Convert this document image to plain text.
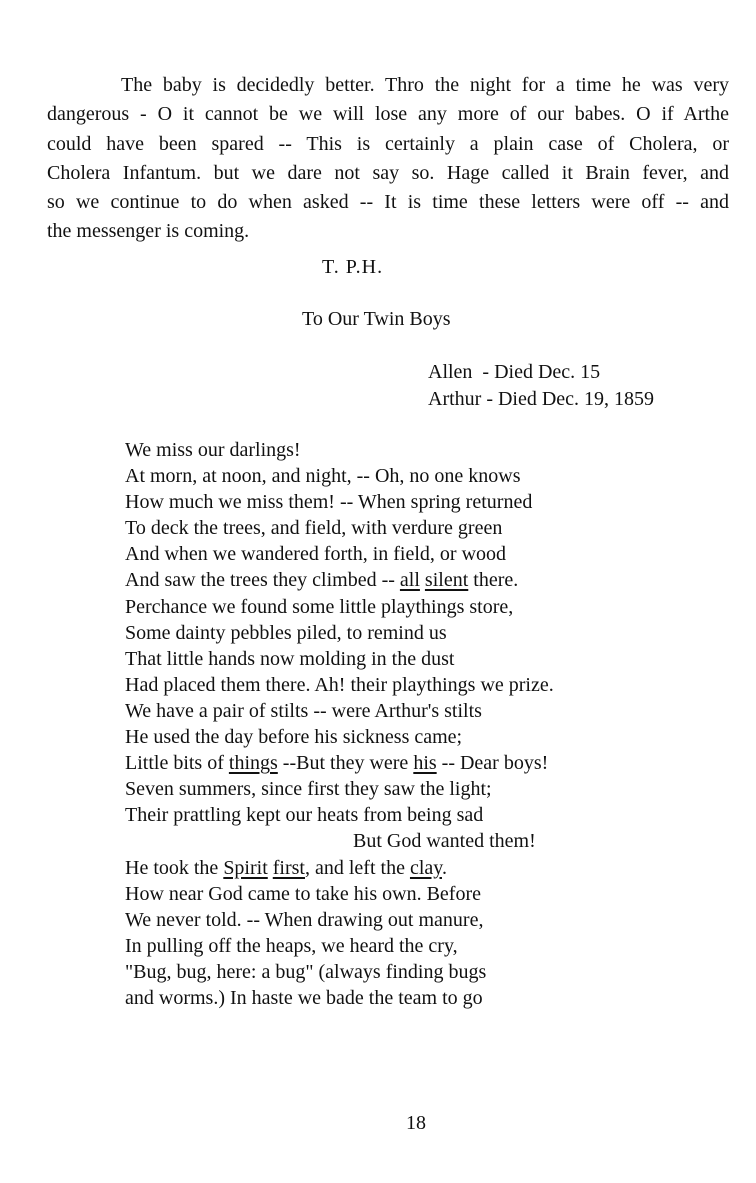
The baby is decidedly better. Thro the night for a time he was very
dangerous - O it cannot be we will lose any more of our babes. O if Arthe
could have been spared -- This is certainly a plain case of Cholera, or
Cholera Infantum. but we dare not say so. Hage called it Brain fever, and
so we continue to do when asked -- It is time these letters were off -- and
the messenger is coming.
T. P.H.
To Our Twin Boys
Allen  - Died Dec. 15
Arthur - Died Dec. 19, 1859
We miss our darlings!
At morn, at noon, and night, -- Oh, no one knows
How much we miss them! -- When spring returned
To deck the trees, and field, with verdure green
And when we wandered forth, in field, or wood
And saw the trees they climbed -- all silent there.
Perchance we found some little playthings store,
Some dainty pebbles piled, to remind us
That little hands now molding in the dust
Had placed them there. Ah! their playthings we prize.
We have a pair of stilts -- were Arthur's stilts
He used the day before his sickness came;
Little bits of things --But they were his -- Dear boys!
Seven summers, since first they saw the light;
Their prattling kept our heats from being sad
But God wanted them!
He took the Spirit first, and left the clay.
How near God came to take his own. Before
We never told. -- When drawing out manure,
In pulling off the heaps, we heard the cry,
"Bug, bug, here: a bug" (always finding bugs
and worms.) In haste we bade the team to go
18
